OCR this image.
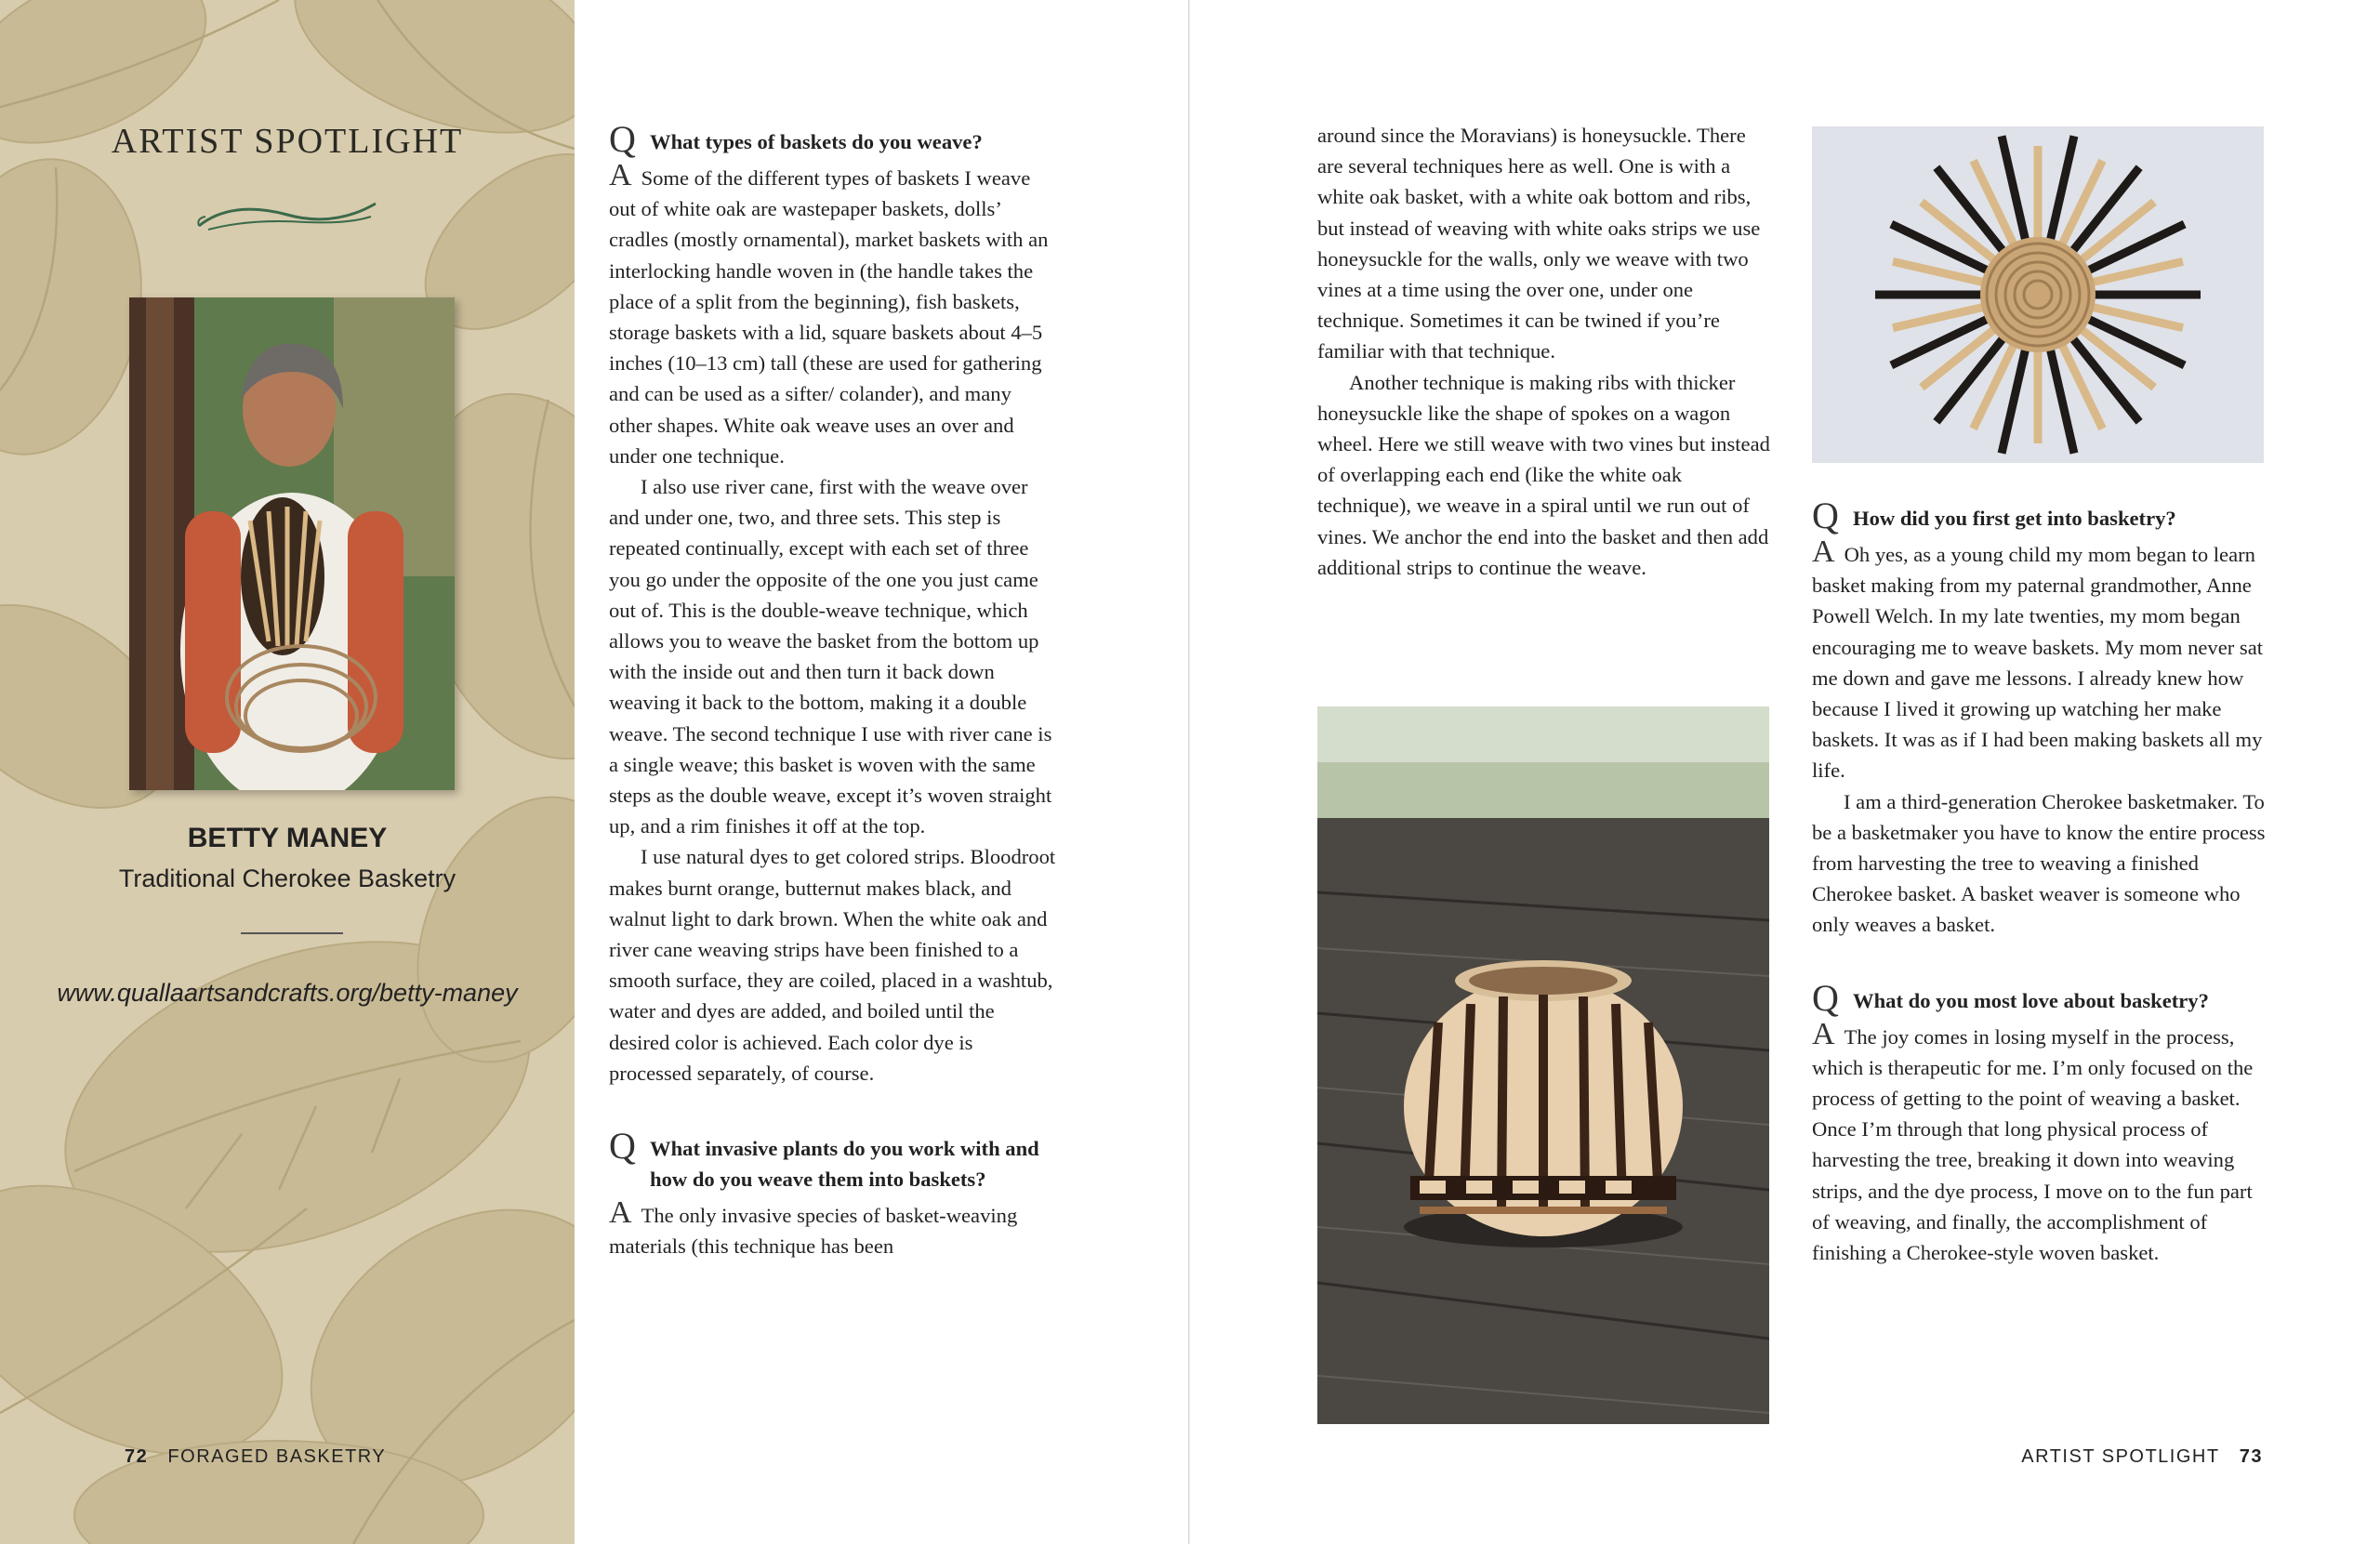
ARTIST SPOTLIGHT
BETTY MANEY
Traditional Cherokee Basketry
www.quallaartsandcrafts.org/betty-maney
72 FORAGED BASKETRY
Q What types of baskets do you weave?

A Some of the different types of baskets I weave out of white oak are wastepaper baskets, dolls’ cradles (mostly ornamental), market baskets with an interlocking handle woven in (the handle takes the place of a split from the beginning), fish baskets, storage baskets with a lid, square baskets about 4–5 inches (10–13 cm) tall (these are used for gathering and can be used as a sifter/ colander), and many other shapes. White oak weave uses an over and under one technique.

I also use river cane, first with the weave over and under one, two, and three sets. This step is repeated continually, except with each set of three you go under the opposite of the one you just came out of. This is the double-weave technique, which allows you to weave the basket from the bottom up with the inside out and then turn it back down weaving it back to the bottom, making it a double weave. The second technique I use with river cane is a single weave; this basket is woven with the same steps as the double weave, except it’s woven straight up, and a rim finishes it off at the top.

I use natural dyes to get colored strips. Bloodroot makes burnt orange, butternut makes black, and walnut light to dark brown. When the white oak and river cane weaving strips have been finished to a smooth surface, they are coiled, placed in a washtub, water and dyes are added, and boiled until the desired color is achieved. Each color dye is processed separately, of course.

Q What invasive plants do you work with and how do you weave them into baskets?

A The only invasive species of basket-weaving materials (this technique has been

around since the Moravians) is honeysuckle. There are several techniques here as well. One is with a white oak basket, with a white oak bottom and ribs, but instead of weaving with white oaks strips we use honeysuckle for the walls, only we weave with two vines at a time using the over one, under one technique. Sometimes it can be twined if you’re familiar with that technique.

Another technique is making ribs with thicker honeysuckle like the shape of spokes on a wagon wheel. Here we still weave with two vines but instead of overlapping each end (like the white oak technique), we weave in a spiral until we run out of vines. We anchor the end into the basket and then add additional strips to continue the weave.

Q How did you first get into basketry?

A Oh yes, as a young child my mom began to learn basket making from my paternal grandmother, Anne Powell Welch. In my late twenties, my mom began encouraging me to weave baskets. My mom never sat me down and gave me lessons. I already knew how because I lived it growing up watching her make baskets. It was as if I had been making baskets all my life.

I am a third-generation Cherokee basketmaker. To be a basketmaker you have to know the entire process from harvesting the tree to weaving a finished Cherokee basket. A basket weaver is someone who only weaves a basket.

Q What do you most love about basketry?

A The joy comes in losing myself in the process, which is therapeutic for me. I’m only focused on the process of getting to the point of weaving a basket. Once I’m through that long physical process of harvesting the tree, breaking it down into weaving strips, and the dye process, I move on to the fun part of weaving, and finally, the accomplishment of finishing a Cherokee-style woven basket.

ARTIST SPOTLIGHT 73
